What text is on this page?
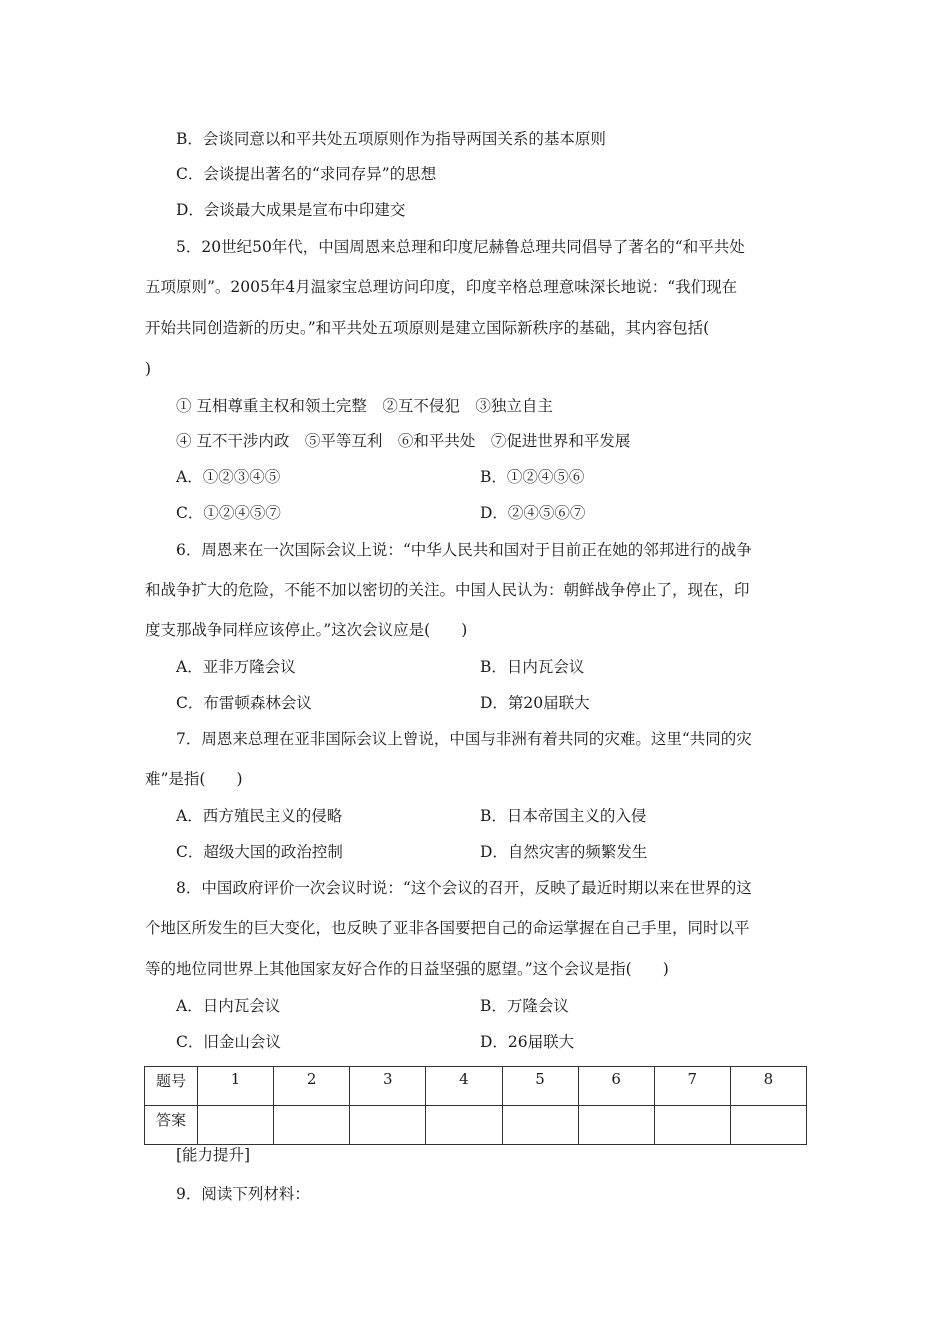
B．会谈同意以和平共处五项原则作为指导两国关系的基本原则
C．会谈提出著名的“求同存异”的思想
D．会谈最大成果是宣布中印建交
5．20世纪50年代，中国周恩来总理和印度尼赫鲁总理共同倡导了著名的“和平共处
五项原则”。2005年4月温家宝总理访问印度，印度辛格总理意味深长地说：“我们现在
开始共同创造新的历史。”和平共处五项原则是建立国际新秩序的基础，其内容包括(
)
① 互相尊重主权和领土完整　②互不侵犯　③独立自主
④ 互不干涉内政　⑤平等互利　⑥和平共处　⑦促进世界和平发展
A．①②③④⑤	B．①②④⑤⑥
C．①②④⑤⑦	D．②④⑤⑥⑦
6．周恩来在一次国际会议上说：“中华人民共和国对于目前正在她的邻邦进行的战争
和战争扩大的危险，不能不加以密切的关注。中国人民认为：朝鲜战争停止了，现在，印
度支那战争同样应该停止。”这次会议应是(　　)
A．亚非万隆会议	B．日内瓦会议
C．布雷顿森林会议	D．第20届联大
7．周恩来总理在亚非国际会议上曾说，中国与非洲有着共同的灾难。这里“共同的灾
难”是指(　　)
A．西方殖民主义的侵略	B．日本帝国主义的入侵
C．超级大国的政治控制	D．自然灾害的频繁发生
8．中国政府评价一次会议时说：“这个会议的召开，反映了最近时期以来在世界的这
个地区所发生的巨大变化，也反映了亚非各国要把自己的命运掌握在自己手里，同时以平
等的地位同世界上其他国家友好合作的日益坚强的愿望。”这个会议是指(　　)
A．日内瓦会议	B．万隆会议
C．旧金山会议	D．26届联大
题号	1	2	3	4	5	6	7	8
答案								
[能力提升]
9．阅读下列材料：
